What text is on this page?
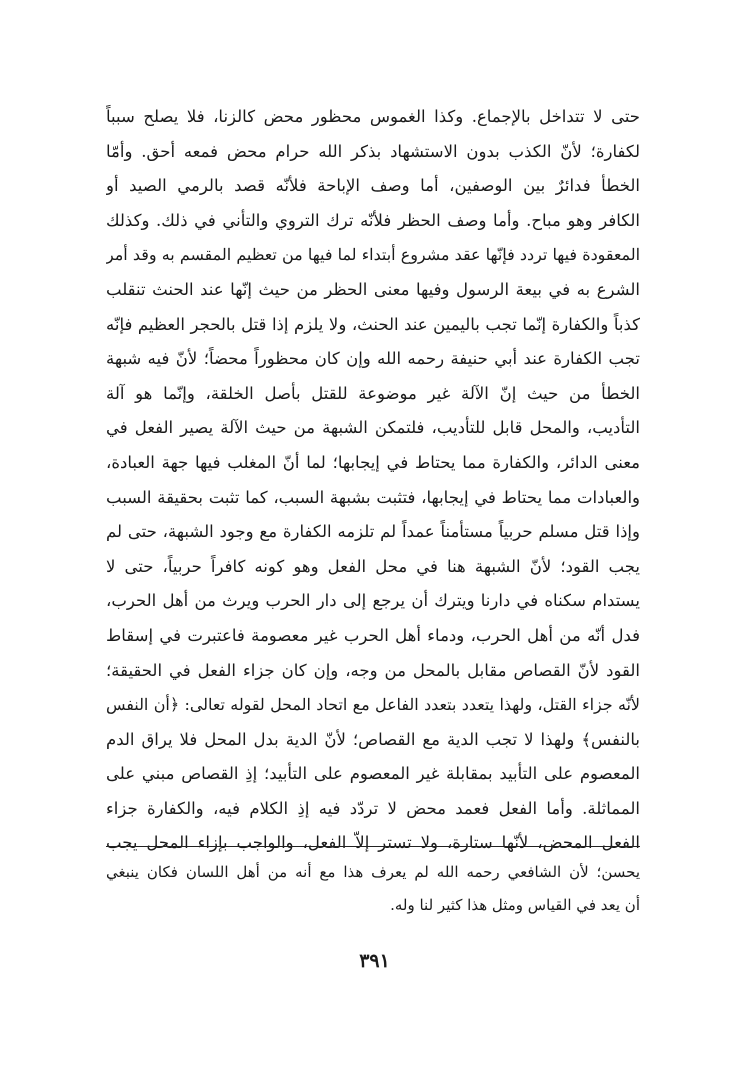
حتى لا تتداخل بالإجماع. وكذا الغموس محظور محض كالزنا، فلا يصلح سبباً
لكفارة؛ لأنّ الكذب بدون الاستشهاد بذكر الله حرام محض فمعه أحق. وأمّا
الخطأ فدائرٌ بين الوصفين، أما وصف الإباحة فلأنّه قصد بالرمي الصيد أو
الكافر وهو مباح. وأما وصف الحظر فلأنّه ترك التروي والتأني في ذلك. وكذلك
المعقودة فيها تردد فإنّها عقد مشروع أبتداء لما فيها من تعظيم المقسم به وقد أمر
الشرع به في بيعة الرسول وفيها معنى الحظر من حيث إنّها عند الحنث تنقلب
كذباً والكفارة إنّما تجب باليمين عند الحنث، ولا يلزم إذا قتل بالحجر العظيم فإنّه
تجب الكفارة عند أبي حنيفة رحمه الله وإن كان محظوراً محضاً؛ لأنّ فيه شبهة
الخطأ من حيث إنّ الآلة غير موضوعة للقتل بأصل الخلقة، وإنّما هو آلة
التأديب، والمحل قابل للتأديب، فلتمكن الشبهة من حيث الآلة يصير الفعل في
معنى الدائر، والكفارة مما يحتاط في إيجابها؛ لما أنّ المغلب فيها جهة العبادة،
والعبادات مما يحتاط في إيجابها، فتثبت بشبهة السبب، كما تثبت بحقيقة السبب
وإذا قتل مسلم حربياً مستأمناً عمداً لم تلزمه الكفارة مع وجود الشبهة، حتى لم
يجب القود؛ لأنّ الشبهة هنا في محل الفعل وهو كونه كافراً حربياً، حتى لا
يستدام سكناه في دارنا ويترك أن يرجع إلى دار الحرب ويرث من أهل الحرب،
فدل أنّه من أهل الحرب، ودماء أهل الحرب غير معصومة فاعتبرت في إسقاط
القود لأنّ القصاص مقابل بالمحل من وجه، وإن كان جزاء الفعل في الحقيقة؛
لأنّه جزاء القتل، ولهذا يتعدد بتعدد الفاعل مع اتحاد المحل لقوله تعالى: ﴿أن النفس
بالنفس﴾ ولهذا لا تجب الدية مع القصاص؛ لأنّ الدية بدل المحل فلا يراق الدم
المعصوم على التأبيد بمقابلة غير المعصوم على التأبيد؛ إذِ القصاص مبني على
المماثلة. وأما الفعل فعمد محض لا تردّد فيه إذِ الكلام فيه، والكفارة جزاء
الفعل المحض، لأنّها ستارة، ولا تستر إلاّ الفعل، والواجب بإزاء المحل يجب
يحسن؛ لأن الشافعي رحمه الله لم يعرف هذا مع أنه من أهل اللسان فكان ينبغي
أن يعد في القياس ومثل هذا كثير لنا وله.
٣٩١
